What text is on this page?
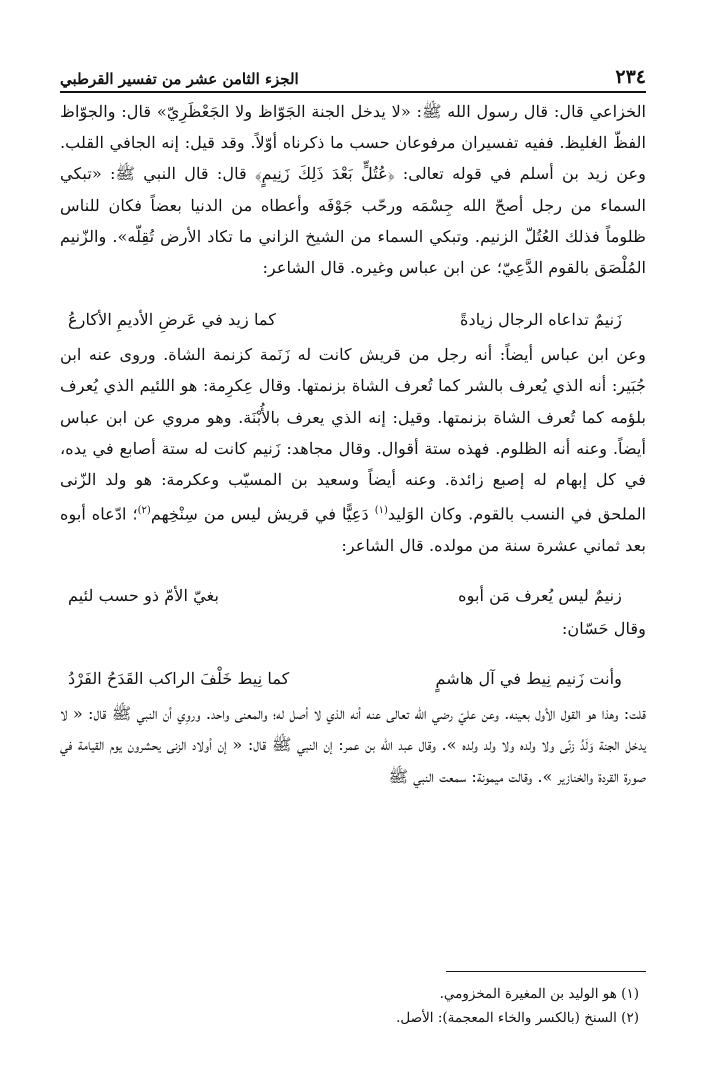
٢٣٤
الجزء الثامن عشر من تفسير القرطبي

الخزاعي قال: قال رسول الله ﷺ: «لا يدخل الجنة الجَوّاظ ولا الجَعْظَرِيّ» قال: والجوّاظ الفظّ الغليظ. ففيه تفسيران مرفوعان حسب ما ذكرناه أوّلاً. وقد قيل: إنه الجافي القلب. وعن زيد بن أسلم في قوله تعالى: ﴿عُتُلٍّ بَعْدَ ذَلِكَ زَنِيمٍ﴾ قال: قال النبي ﷺ: «تبكي السماء من رجل أصحّ الله جِسْمَه ورحّب جَوْفَه وأعطاه من الدنيا بعضاً فكان للناس ظلوماً فذلك العُتُلّ الزنيم. وتبكي السماء من الشيخ الزاني ما تكاد الأرض تُقِلّه». والزّنيم المُلْصَق بالقوم الدَّعِيّ؛ عن ابن عباس وغيره. قال الشاعر:

زَنيمٌ تداعاه الرجال زيادةً
كما زيد في عَرضِ الأديمِ الأكارعُ

وعن ابن عباس أيضاً: أنه رجل من قريش كانت له زَنَمة كزنمة الشاة. وروى عنه ابن جُبَير: أنه الذي يُعرف بالشر كما تُعرف الشاة بزنمتها. وقال عِكرِمة: هو اللئيم الذي يُعرف بلؤمه كما تُعرف الشاة بزنمتها. وقيل: إنه الذي يعرف بالأُبْنَة. وهو مروي عن ابن عباس أيضاً. وعنه أنه الظلوم. فهذه ستة أقوال. وقال مجاهد: زَنيم كانت له ستة أصابع في يده، في كل إبهام له إصبع زائدة. وعنه أيضاً وسعيد بن المسيّب وعكرمة: هو ولد الزّنى الملحق في النسب بالقوم. وكان الوَليد$^{(١)}$ دَعِيًّا في قريش ليس من سِنْخِهم$^{(٢)}$؛ ادّعاه أبوه بعد ثماني عشرة سنة من مولده. قال الشاعر:

زنيمٌ ليس يُعرف مَن أبوه
بغيّ الأمّ ذو حسب لئيم

وقال حَسّان:

وأنت زَنيم نِيط في آل هاشمٍ
كما نِيط خَلْفَ الراكب القَدَحُ الفَرْدُ

قلت: وهذا هو القول الأول بعينه. وعن عليّ رضي الله تعالى عنه أنه الذي لا أصل له؛ والمعنى واحد. وروِي أن النبي ﷺ قال: « لا يدخل الجنة وَلَدُ زنًى ولا ولده ولا ولد ولده ». وقال عبد الله بن عمر: إن النبي ﷺ قال: « إن أولاد الزنى يحشرون يوم القيامة في صورة القردة والخنازير ». وقالت ميمونة: سمعت النبي ﷺ

(١) هو الوليد بن المغيرة المخزومي.
(٢) السنخ (بالكسر والخاء المعجمة): الأصل.
